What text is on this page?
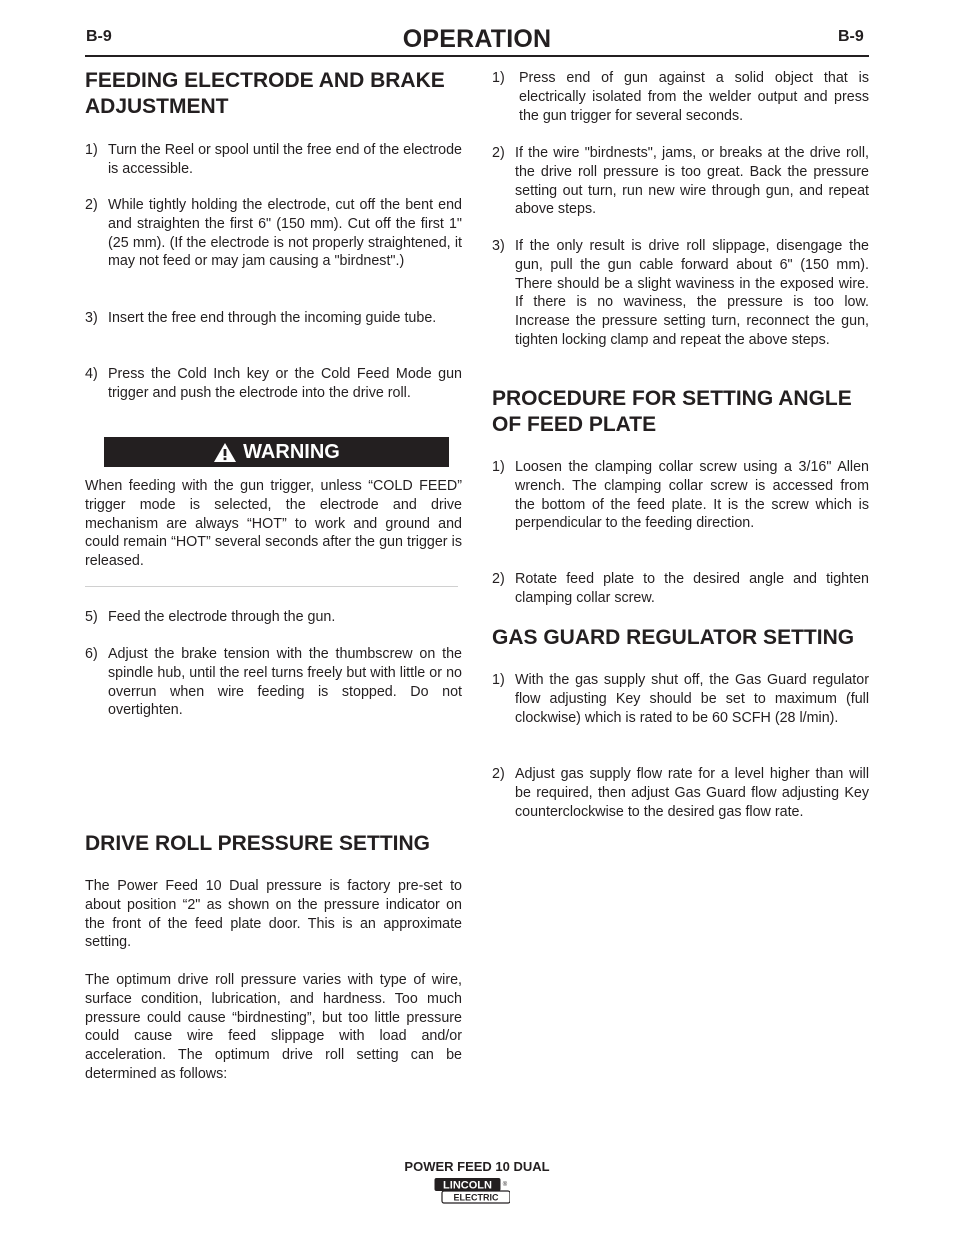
B-9	OPERATION	B-9
FEEDING ELECTRODE AND BRAKE ADJUSTMENT
1) Turn the Reel or spool until the free end of the electrode is accessible.
2) While tightly holding the electrode, cut off the bent end and straighten the first 6" (150 mm). Cut off the first 1" (25 mm). (If the electrode is not properly straightened, it may not feed or may jam causing a "birdnest".)
3) Insert the free end through the incoming guide tube.
4) Press the Cold Inch key or the Cold Feed Mode gun trigger and push the electrode into the drive roll.
WARNING

When feeding with the gun trigger, unless “COLD FEED” trigger mode is selected, the electrode and drive mechanism are always “HOT” to work and ground and could remain “HOT” several seconds after the gun trigger is released.

5) Feed the electrode through the gun.
6) Adjust the brake tension with the thumbscrew on the spindle hub, until the reel turns freely but with little or no overrun when wire feeding is stopped. Do not overtighten.
DRIVE ROLL PRESSURE SETTING

The Power Feed 10 Dual pressure is factory pre-set to about position “2" as shown on the pressure indicator on the front of the feed plate door. This is an approximate setting.

The optimum drive roll pressure varies with type of wire, surface condition, lubrication, and hardness. Too much pressure could cause “birdnesting”, but too little pressure could cause wire feed slippage with load and/or acceleration. The optimum drive roll setting can be determined as follows:

1) Press end of gun against a solid object that is electrically isolated from the welder output and press the gun trigger for several seconds.
2) If the wire "birdnests", jams, or breaks at the drive roll, the drive roll pressure is too great. Back the pressure setting out turn, run new wire through gun, and repeat above steps.
3) If the only result is drive roll slippage, disengage the gun, pull the gun cable forward about 6" (150 mm). There should be a slight waviness in the exposed wire. If there is no waviness, the pressure is too low. Increase the pressure setting turn, reconnect the gun, tighten locking clamp and repeat the above steps.
PROCEDURE FOR SETTING ANGLE OF FEED PLATE
1) Loosen the clamping collar screw using a 3/16" Allen wrench. The clamping collar screw is accessed from the bottom of the feed plate. It is the screw which is perpendicular to the feeding direction.
2) Rotate feed plate to the desired angle and tighten clamping collar screw.
GAS GUARD REGULATOR SETTING
1) With the gas supply shut off, the Gas Guard regulator flow adjusting Key should be set to maximum (full clockwise) which is rated to be 60 SCFH (28 l/min).
2) Adjust gas supply flow rate for a level higher than will be required, then adjust Gas Guard flow adjusting Key counterclockwise to the desired gas flow rate.
POWER FEED 10 DUAL
LINCOLN
ELECTRIC
®
